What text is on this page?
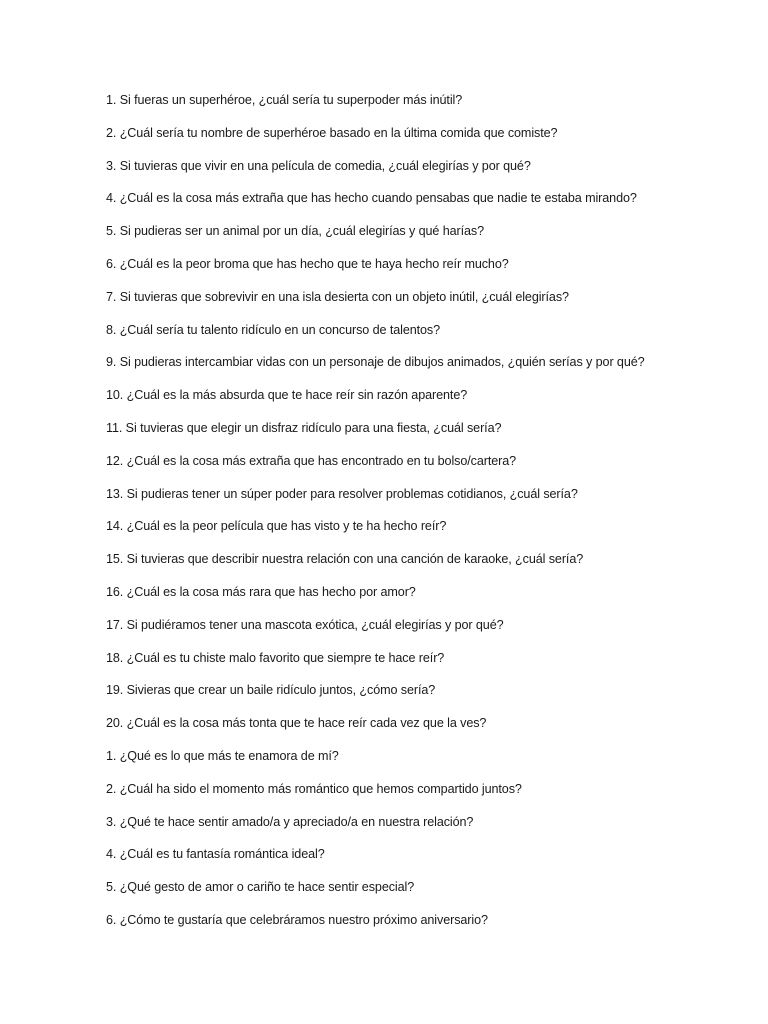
1. Si fueras un superhéroe, ¿cuál sería tu superpoder más inútil?
2. ¿Cuál sería tu nombre de superhéroe basado en la última comida que comiste?
3. Si tuvieras que vivir en una película de comedia, ¿cuál elegirías y por qué?
4. ¿Cuál es la cosa más extraña que has hecho cuando pensabas que nadie te estaba mirando?
5. Si pudieras ser un animal por un día, ¿cuál elegirías y qué harías?
6. ¿Cuál es la peor broma que has hecho que te haya hecho reír mucho?
7. Si tuvieras que sobrevivir en una isla desierta con un objeto inútil, ¿cuál elegirías?
8. ¿Cuál sería tu talento ridículo en un concurso de talentos?
9. Si pudieras intercambiar vidas con un personaje de dibujos animados, ¿quién serías y por qué?
10. ¿Cuál es la más absurda que te hace reír sin razón aparente?
11. Si tuvieras que elegir un disfraz ridículo para una fiesta, ¿cuál sería?
12. ¿Cuál es la cosa más extraña que has encontrado en tu bolso/cartera?
13. Si pudieras tener un súper poder para resolver problemas cotidianos, ¿cuál sería?
14. ¿Cuál es la peor película que has visto y te ha hecho reír?
15. Si tuvieras que describir nuestra relación con una canción de karaoke, ¿cuál sería?
16. ¿Cuál es la cosa más rara que has hecho por amor?
17. Si pudiéramos tener una mascota exótica, ¿cuál elegirías y por qué?
18. ¿Cuál es tu chiste malo favorito que siempre te hace reír?
19. Sivieras que crear un baile ridículo juntos, ¿cómo sería?
20. ¿Cuál es la cosa más tonta que te hace reír cada vez que la ves?
1. ¿Qué es lo que más te enamora de mí?
2. ¿Cuál ha sido el momento más romántico que hemos compartido juntos?
3. ¿Qué te hace sentir amado/a y apreciado/a en nuestra relación?
4. ¿Cuál es tu fantasía romántica ideal?
5. ¿Qué gesto de amor o cariño te hace sentir especial?
6. ¿Cómo te gustaría que celebráramos nuestro próximo aniversario?
